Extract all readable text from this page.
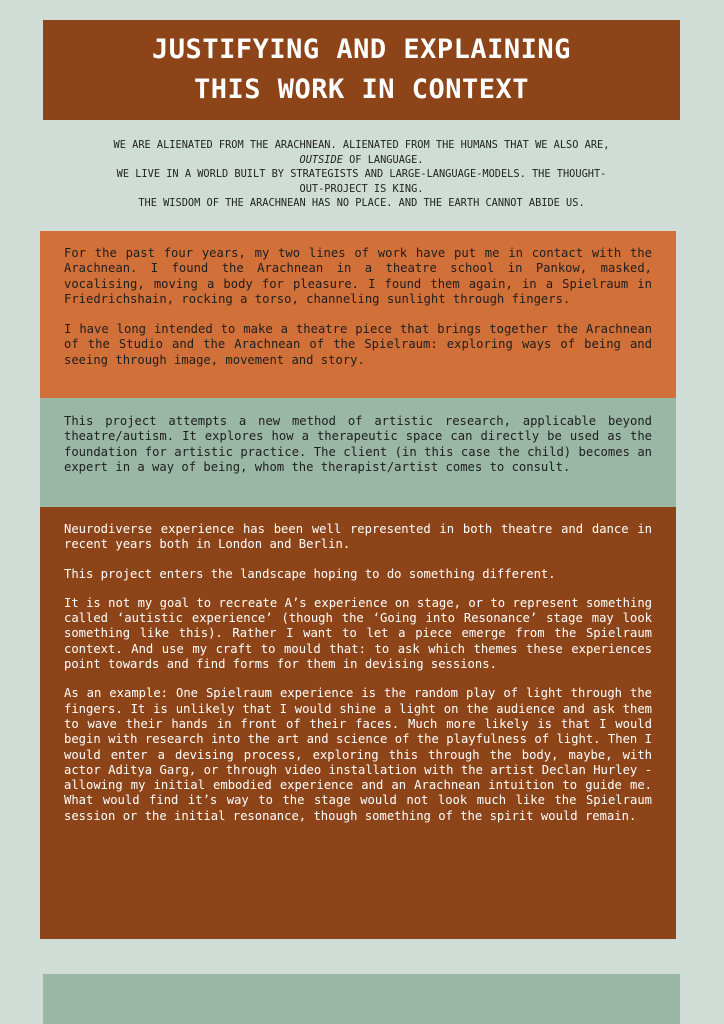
JUSTIFYING AND EXPLAINING
THIS WORK IN CONTEXT
WE ARE ALIENATED FROM THE ARACHNEAN. ALIENATED FROM THE HUMANS THAT WE ALSO ARE,
OUTSIDE OF LANGUAGE.
WE LIVE IN A WORLD BUILT BY STRATEGISTS AND LARGE-LANGUAGE-MODELS. THE THOUGHT-
OUT-PROJECT IS KING.
THE WISDOM OF THE ARACHNEAN HAS NO PLACE. AND THE EARTH CANNOT ABIDE US.

For the past four years, my two lines of work have put me in contact with the Arachnean. I found the Arachnean in a theatre school in Pankow, masked, vocalising, moving a body for pleasure. I found them again, in a Spielraum in Friedrichshain, rocking a torso, channeling sunlight through fingers.

I have long intended to make a theatre piece that brings together the Arachnean of the Studio and the Arachnean of the Spielraum: exploring ways of being and seeing through image, movement and story.

This project attempts a new method of artistic research, applicable beyond theatre/autism. It explores how a therapeutic space can directly be used as the foundation for artistic practice. The client (in this case the child) becomes an expert in a way of being, whom the therapist/artist comes to consult.

Neurodiverse experience has been well represented in both theatre and dance in recent years both in London and Berlin.

This project enters the landscape hoping to do something different.

It is not my goal to recreate A’s experience on stage, or to represent something called ‘autistic experience’ (though the ‘Going into Resonance’ stage may look something like this). Rather I want to let a piece emerge from the Spielraum context. And use my craft to mould that: to ask which themes these experiences point towards and find forms for them in devising sessions.

As an example: One Spielraum experience is the random play of light through the fingers. It is unlikely that I would shine a light on the audience and ask them to wave their hands in front of their faces. Much more likely is that I would begin with research into the art and science of the playfulness of light. Then I would enter a devising process, exploring this through the body, maybe, with actor Aditya Garg, or through video installation with the artist Declan Hurley - allowing my initial embodied experience and an Arachnean intuition to guide me. What would find it’s way to the stage would not look much like the Spielraum session or the initial resonance, though something of the spirit would remain.
